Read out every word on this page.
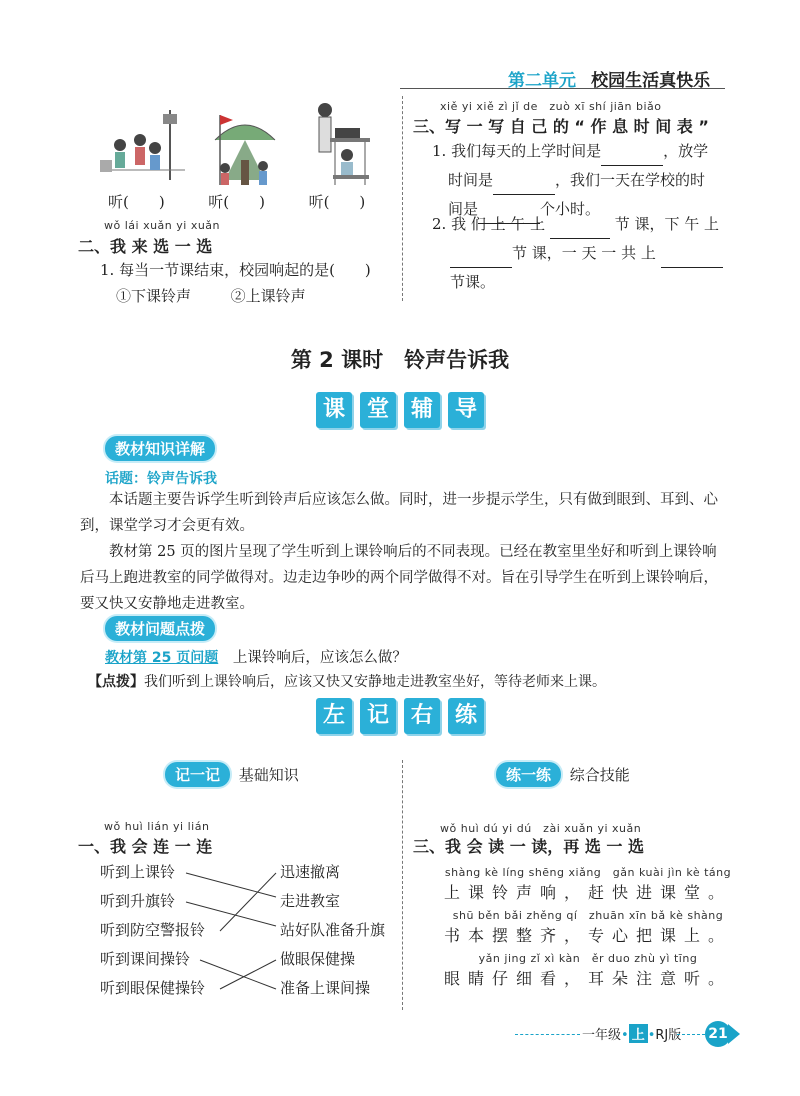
第二单元 校园生活真快乐
听(　　)	听(　　)	听(　　)
wǒ lái xuǎn yi xuǎn
二、我 来 选 一 选
1. 每当一节课结束，校园响起的是(　　)
①下课铃声	②上课铃声
xiě yi xiě zì jǐ de　zuò xī shí jiān biǎo
三、写 一 写 自 己 的 “ 作 息 时 间 表 ”
1. 我们每天的上学时间是	，放学
时间是	，我们一天在学校的时
间是	个小时。
2. 我 们 上 午 上	节 课，下 午 上
节 课，一 天 一 共 上
节课。
第 2 课时　铃声告诉我
课 堂 辅 导
教材知识详解
话题：铃声告诉我

本话题主要告诉学生听到铃声后应该怎么做。同时，进一步提示学生，只有做到眼到、耳到、心到，课堂学习才会更有效。

教材第 25 页的图片呈现了学生听到上课铃响后的不同表现。已经在教室里坐好和听到上课铃响后马上跑进教室的同学做得对。边走边争吵的两个同学做得不对。旨在引导学生在听到上课铃响后，要又快又安静地走进教室。

教材问题点拨
教材第 25 页问题 上课铃响后，应该怎么做？
【点拨】我们听到上课铃响后，应该又快又安静地走进教室坐好，等待老师来上课。
左 记 右 练
记一记 基础知识
wǒ huì lián yi lián
一、我 会 连 一 连
听到上课铃
听到升旗铃
听到防空警报铃
听到课间操铃
听到眼保健操铃
迅速撤离
走进教室
站好队准备升旗
做眼保健操
准备上课间操
练一练 综合技能
wǒ huì dú yi dú　zài xuǎn yi xuǎn
三、我 会 读 一 读，再 选 一 选
shàng kè líng shēng xiǎng　gǎn kuài jìn kè táng
上课铃声响，赶快进课堂。
shū běn bǎi zhěng qí　zhuān xīn bǎ kè shàng
书本摆整齐，专心把课上。
yǎn jing zǐ xì kàn　ěr duo zhù yì tīng
眼睛仔细看，耳朵注意听。
一年级• 上 •RJ版 21
